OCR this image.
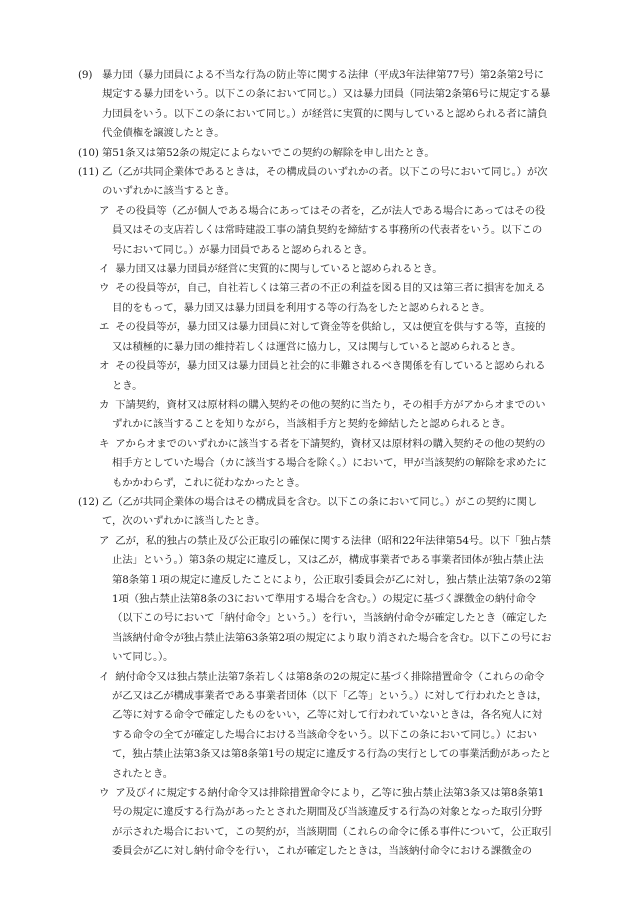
(9) 暴力団（暴力団員による不当な行為の防止等に関する法律（平成3年法律第77号）第2条第2号に規定する暴力団をいう。以下この条において同じ。）又は暴力団員（同法第2条第6号に規定する暴力団員をいう。以下この条において同じ。）が経営に実質的に関与していると認められる者に請負代金債権を譲渡したとき。
(10) 第51条又は第52条の規定によらないでこの契約の解除を申し出たとき。
(11) 乙（乙が共同企業体であるときは，その構成員のいずれかの者。以下この号において同じ。）が次のいずれかに該当するとき。
ア その役員等（乙が個人である場合にあってはその者を，乙が法人である場合にあってはその役員又はその支店若しくは常時建設工事の請負契約を締結する事務所の代表者をいう。以下この号において同じ。）が暴力団員であると認められるとき。
イ 暴力団又は暴力団員が経営に実質的に関与していると認められるとき。
ウ その役員等が，自己，自社若しくは第三者の不正の利益を図る目的又は第三者に損害を加える目的をもって，暴力団又は暴力団員を利用する等の行為をしたと認められるとき。
エ その役員等が，暴力団又は暴力団員に対して資金等を供給し，又は便宜を供与する等，直接的又は積極的に暴力団の維持若しくは運営に協力し，又は関与していると認められるとき。
オ その役員等が，暴力団又は暴力団員と社会的に非難されるべき関係を有していると認められるとき。
カ 下請契約，資材又は原材料の購入契約その他の契約に当たり，その相手方がアからオまでのいずれかに該当することを知りながら，当該相手方と契約を締結したと認められるとき。
キ アからオまでのいずれかに該当する者を下請契約，資材又は原材料の購入契約その他の契約の相手方としていた場合（カに該当する場合を除く。）において，甲が当該契約の解除を求めたにもかかわらず，これに従わなかったとき。
(12) 乙（乙が共同企業体の場合はその構成員を含む。以下この条において同じ。）がこの契約に関して，次のいずれかに該当したとき。
ア 乙が，私的独占の禁止及び公正取引の確保に関する法律（昭和22年法律第54号。以下「独占禁止法」という。）第3条の規定に違反し，又は乙が，構成事業者である事業者団体が独占禁止法第8条第１項の規定に違反したことにより，公正取引委員会が乙に対し，独占禁止法第7条の2第1項（独占禁止法第8条の3において準用する場合を含む。）の規定に基づく課徴金の納付命令（以下この号において「納付命令」という。）を行い，当該納付命令が確定したとき（確定した当該納付命令が独占禁止法第63条第2項の規定により取り消された場合を含む。以下この号において同じ。）。
イ 納付命令又は独占禁止法第7条若しくは第8条の2の規定に基づく排除措置命令（これらの命令が乙又は乙が構成事業者である事業者団体（以下「乙等」という。）に対して行われたときは，乙等に対する命令で確定したものをいい，乙等に対して行われていないときは，各名宛人に対する命令の全てが確定した場合における当該命令をいう。以下この条において同じ。）において，独占禁止法第3条又は第8条第1号の規定に違反する行為の実行としての事業活動があったとされたとき。
ウ ア及びイに規定する納付命令又は排除措置命令により，乙等に独占禁止法第3条又は第8条第1号の規定に違反する行為があったとされた期間及び当該違反する行為の対象となった取引分野が示された場合において，この契約が，当該期間（これらの命令に係る事件について，公正取引委員会が乙に対し納付命令を行い，これが確定したときは，当該納付命令における課徴金の
